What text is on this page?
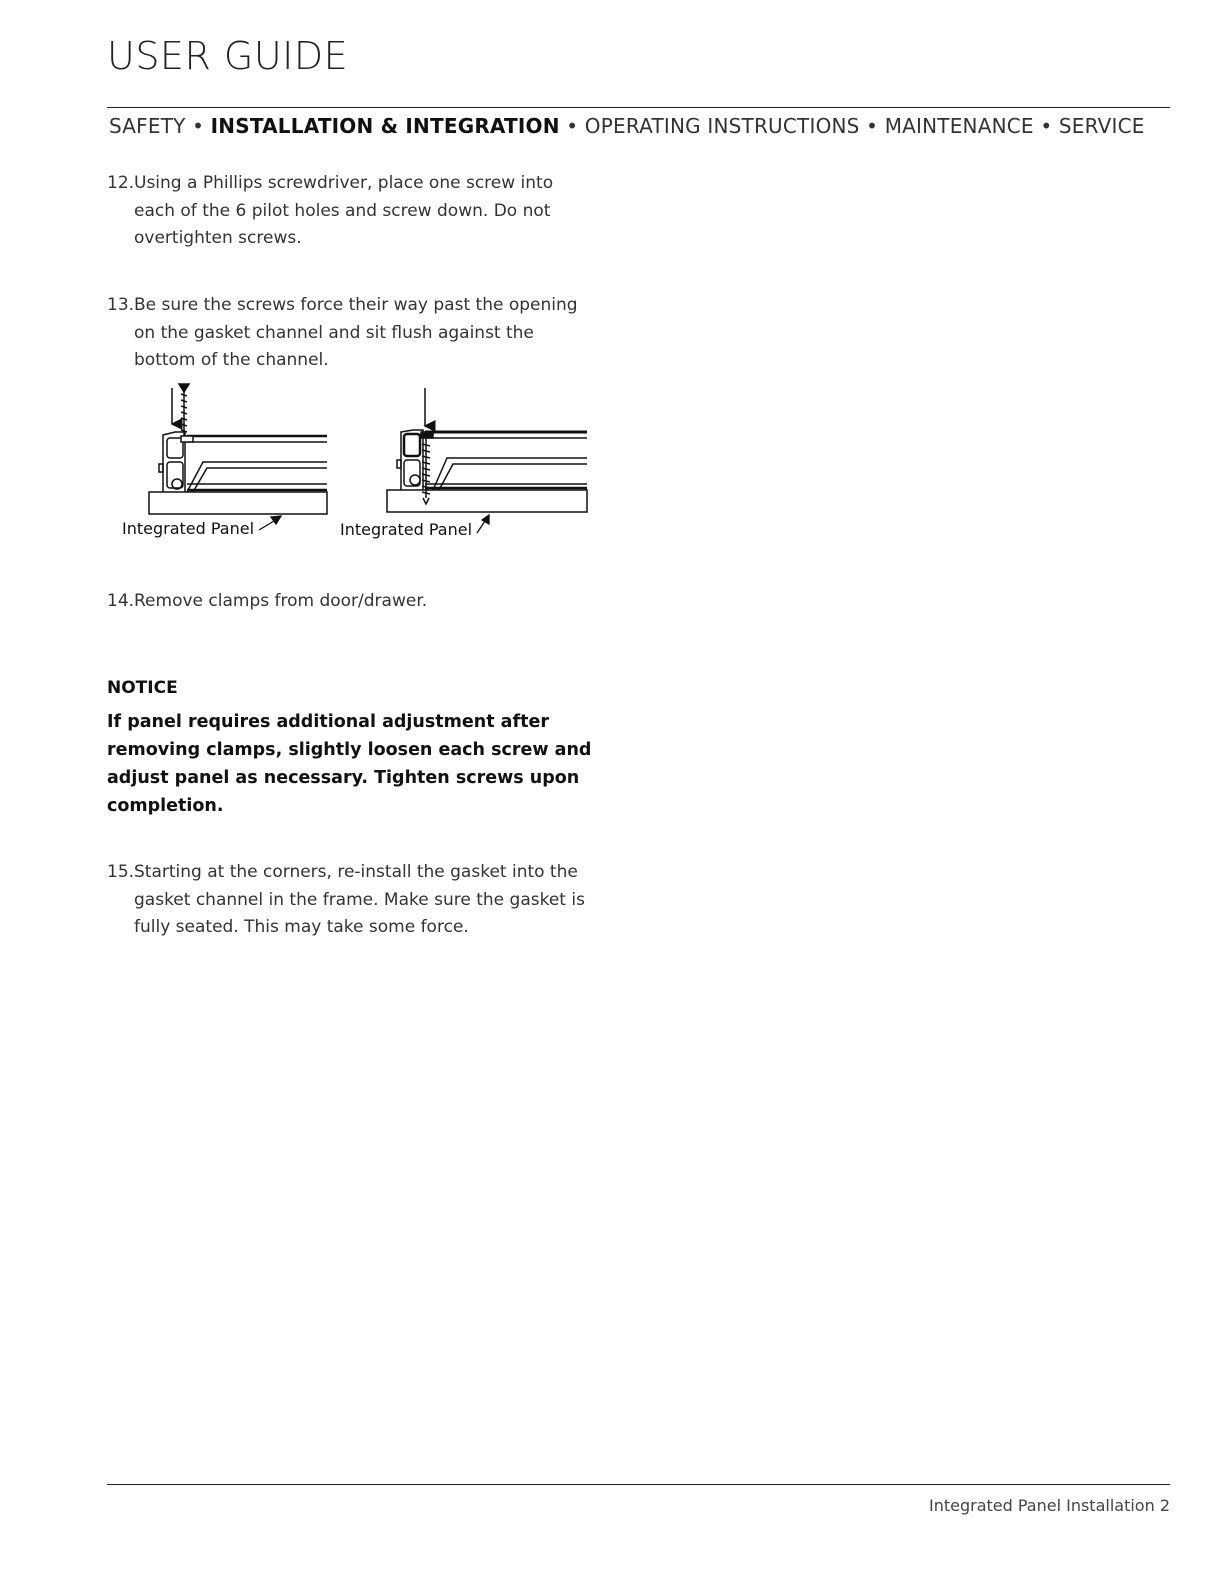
USER GUIDE
SAFETY • INSTALLATION & INTEGRATION • OPERATING INSTRUCTIONS • MAINTENANCE • SERVICE
12. Using a Phillips screwdriver, place one screw into each of the 6 pilot holes and screw down. Do not overtighten screws.
13. Be sure the screws force their way past the opening on the gasket channel and sit flush against the bottom of the channel.
Integrated Panel	Integrated Panel
14. Remove clamps from door/drawer.
NOTICE
If panel requires additional adjustment after removing clamps, slightly loosen each screw and adjust panel as necessary. Tighten screws upon completion.
15. Starting at the corners, re-install the gasket into the gasket channel in the frame. Make sure the gasket is fully seated. This may take some force.
Integrated Panel Installation 2
